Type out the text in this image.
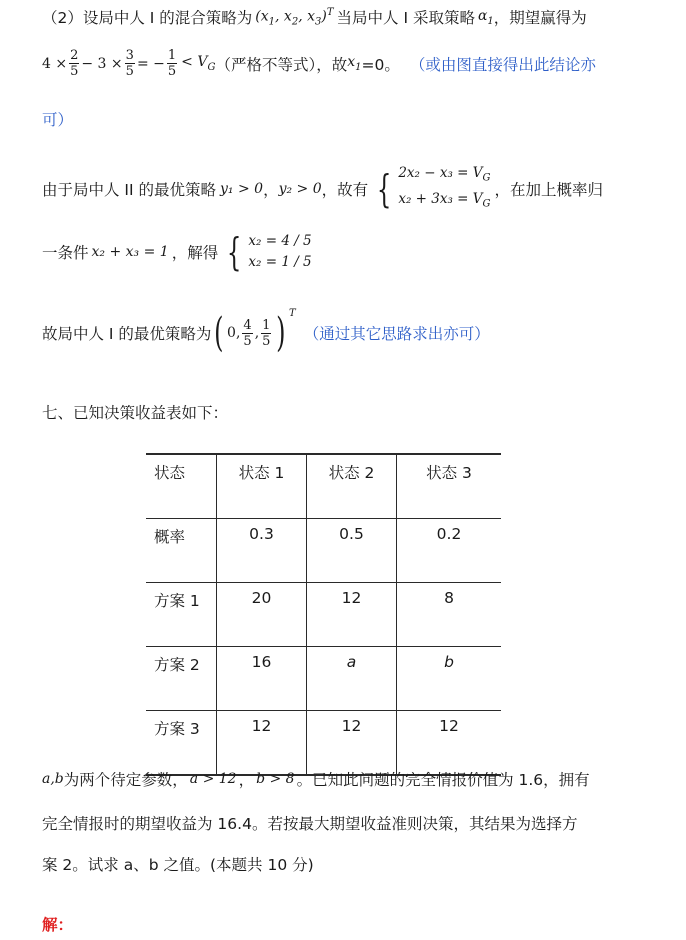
（2）设局中人 I 的混合策略为 ($x_1$, $x_2$, $x_3)^T$ 当局中人 I 采取策略 $\alpha_1$ ，期望赢得为
$4 \times \frac{2}{5} - 3 \times \frac{3}{5}$ = − $\frac{1}{5} < V_G$ （严格不等式），故 $x_1 =0$。 （或由图直接得出此结论亦
可）
由于局中人 II 的最优策略 y₁ > 0 ， y₂ > 0 ，故有 { $2x_2 - x_3 = V_G$
$x_2 + 3x_3 = V_G$
，在加上概率归
一条件 x₂ + x₃ = 1 ，解得 { x₂ = 4 / 5
x₂ = 1 / 5
故局中人 I 的最优策略为 ( 0, $\frac{4}{5}$ , $\frac{1}{5}$ ) T
（通过其它思路求出亦可）
七、已知决策收益表如下：
状态	状态 1	状态 2	状态 3
概率	0.3	0.5	0.2
方案 1	20	12	8
方案 2	16	a	b
方案 3	12	12	12
a,b 为两个待定参数， a > 12 ， b > 8 。已知此问题的完全情报价值为 1.6，拥有
完全情报时的期望收益为 16.4。若按最大期望收益准则决策，其结果为选择方
案 2。试求 a、b 之值。(本题共 10 分)
解：
